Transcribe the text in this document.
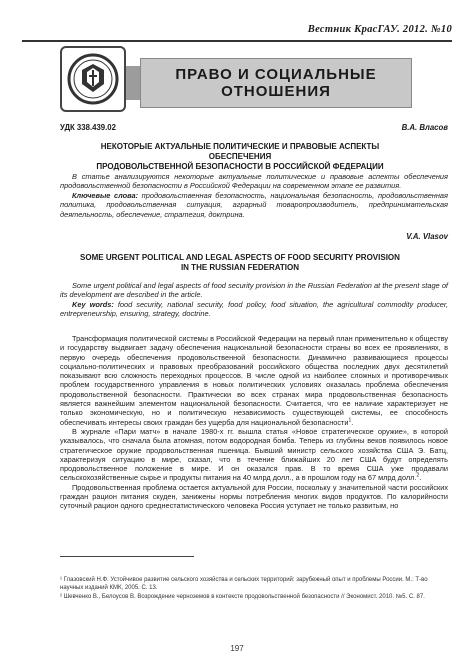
Вестник КрасГАУ. 2012. №10
ПРАВО И СОЦИАЛЬНЫЕ
ОТНОШЕНИЯ
УДК 338.439.02	В.А. Власов
НЕКОТОРЫЕ АКТУАЛЬНЫЕ ПОЛИТИЧЕСКИЕ И ПРАВОВЫЕ АСПЕКТЫ ОБЕСПЕЧЕНИЯ
ПРОДОВОЛЬСТВЕННОЙ БЕЗОПАСНОСТИ В РОССИЙСКОЙ ФЕДЕРАЦИИ
В статье анализируются некоторые актуальные политические и правовые аспекты обеспечения продовольственной безопасности в Российской Федерации на современном этапе ее развития.
Ключевые слова: продовольственная безопасность, национальная безопасность, продовольственная политика, продовольственная ситуация, аграрный товаропроизводитель, предпринимательская деятельность, обеспечение, стратегия, доктрина.
V.A. Vlasov
SOME URGENT POLITICAL AND LEGAL ASPECTS OF FOOD SECURITY PROVISION
IN THE RUSSIAN FEDERATION
Some urgent political and legal aspects of food security provision in the Russian Federation at the present stage of its development are described in the article.
Key words: food security, national security, food policy, food situation, the agricultural commodity producer, entrepreneurship, ensuring, strategy, doctrine.

Трансформация политической системы в Российской Федерации на первый план применительно к обществу и государству выдвигает задачу обеспечения национальной безопасности страны во всех ее проявлениях, в первую очередь обеспечения продовольственной безопасности. Динамично развивающиеся процессы социально-политических и правовых преобразований российского общества последних двух десятилетий показывают всю сложность переходных процессов. В числе одной из наиболее сложных и противоречивых проблем государственного управления в новых политических условиях оказалась проблема обеспечения продовольственной безопасности. Практически во всех странах мира продовольственная безопасность является важнейшим элементом национальной безопасности. Считается, что ее наличие характеризует не только экономическую, но и политическую независимость существующей системы, ее способность обеспечивать интересы своих граждан без ущерба для национальной безопасности$^1$.

В журнале «Пари матч» в начале 1980-х гг. вышла статья «Новое стратегическое оружие», в которой указывалось, что сначала была атомная, потом водородная бомба. Теперь из глубины веков появилось новое стратегическое оружие продовольственная пшеница. Бывший министр сельского хозяйства США Э. Батц, характеризуя ситуацию в мире, сказал, что в течение ближайших 20 лет США будут определять продовольственное положение в мире. И он оказался прав. В то время США уже продавали сельскохозяйственные сырье и продукты питания на 40 млрд долл., а в прошлом году на 67 млрд долл.$^2$.

Продовольственная проблема остается актуальной для России, поскольку у значительной части российских граждан рацион питания скуден, занижены нормы потребления многих видов продуктов. По калорийности суточный рацион одного среднестатистического человека Россия уступает не только развитым, но

¹ Глазовский Н.Ф. Устойчивое развитие сельского хозяйства и сельских территорий: зарубежный опыт и проблемы России. М.: Т-во научных изданий КМК, 2005. С. 13.

² Шевченко В., Белоусов В. Возрождение черноземов в контексте продовольственной безопасности // Экономист. 2010. №5. С. 87.

197
